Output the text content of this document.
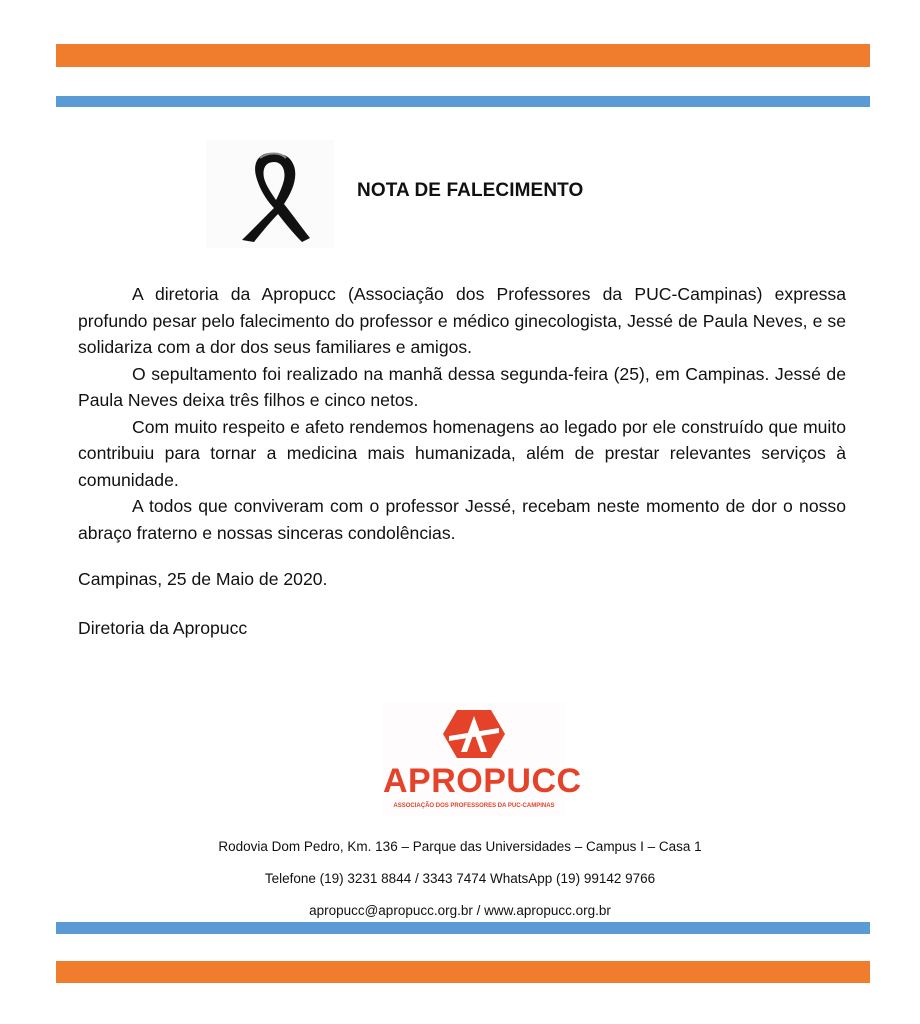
NOTA DE FALECIMENTO

A diretoria da Apropucc (Associação dos Professores da PUC-Campinas) expressa profundo pesar pelo falecimento do professor e médico ginecologista, Jessé de Paula Neves, e se solidariza com a dor dos seus familiares e amigos.

O sepultamento foi realizado na manhã dessa segunda-feira (25), em Campinas. Jessé de Paula Neves deixa três filhos e cinco netos.

Com muito respeito e afeto rendemos homenagens ao legado por ele construído que muito contribuiu para tornar a medicina mais humanizada, além de prestar relevantes serviços à comunidade.

A todos que conviveram com o professor Jessé, recebam neste momento de dor o nosso abraço fraterno e nossas sinceras condolências.

Campinas, 25 de Maio de 2020.
Diretoria da Apropucc
APROPUCC
ASSOCIAÇÃO DOS PROFESSORES DA PUC-CAMPINAS
Rodovia Dom Pedro, Km. 136 – Parque das Universidades – Campus I – Casa 1
Telefone (19) 3231 8844 / 3343 7474 WhatsApp (19) 99142 9766
apropucc@apropucc.org.br / www.apropucc.org.br
